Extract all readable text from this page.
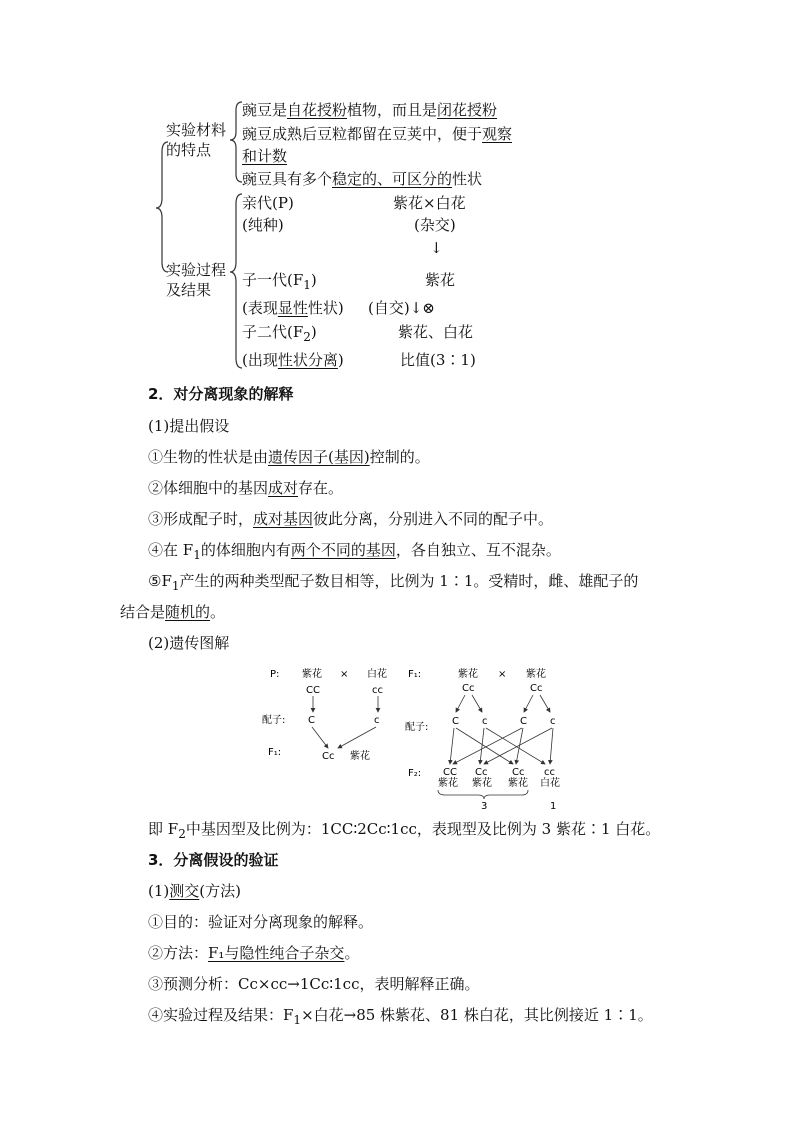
实验材料
的特点
豌豆是自花授粉植物，而且是闭花授粉
豌豆成熟后豆粒都留在豆荚中，便于观察
和计数
豌豆具有多个稳定的、可区分的性状
实验过程
及结果
亲代(P)
(纯种)
紫花×白花
(杂交)
↓
子一代$(F_1)$	紫花
(表现显性性状) (自交)↓⊗
子二代$(F_2)$	紫花、白花
(出现性状分离)	比值(3∶1)
2．对分离现象的解释
(1)提出假设
①生物的性状是由遗传因子(基因)控制的。
②体细胞中的基因成对存在。
③形成配子时，成对基因彼此分离，分别进入不同的配子中。
④在 $F_1$的体细胞内有两个不同的基因，各自独立、互不混杂。
$⑤F_1$产生的两种类型配子数目相等，比例为 1∶1。受精时，雌、雄配子的
结合是随机的。
(2)遗传图解
P: 紫花 × 白花
CC	cc
配子: C	c
F₁:	Cc 紫花
F₁:	紫花 × 紫花
Cc	Cc
配子:
C c	C c
F₂: CC Cc Cc cc
紫花 紫花 紫花 白花
3	1
即 $F_2$中基因型及比例为：1CC∶2Cc∶1cc，表现型及比例为 3 紫花∶1 白花。
3．分离假设的验证
(1)测交(方法)
①目的：验证对分离现象的解释。
②方法：F₁与隐性纯合子杂交。
③预测分析：Cc×cc→1Cc∶1cc，表明解释正确。
④实验过程及结果：$F_1\times$白花→85 株紫花、81 株白花，其比例接近 1∶1。
